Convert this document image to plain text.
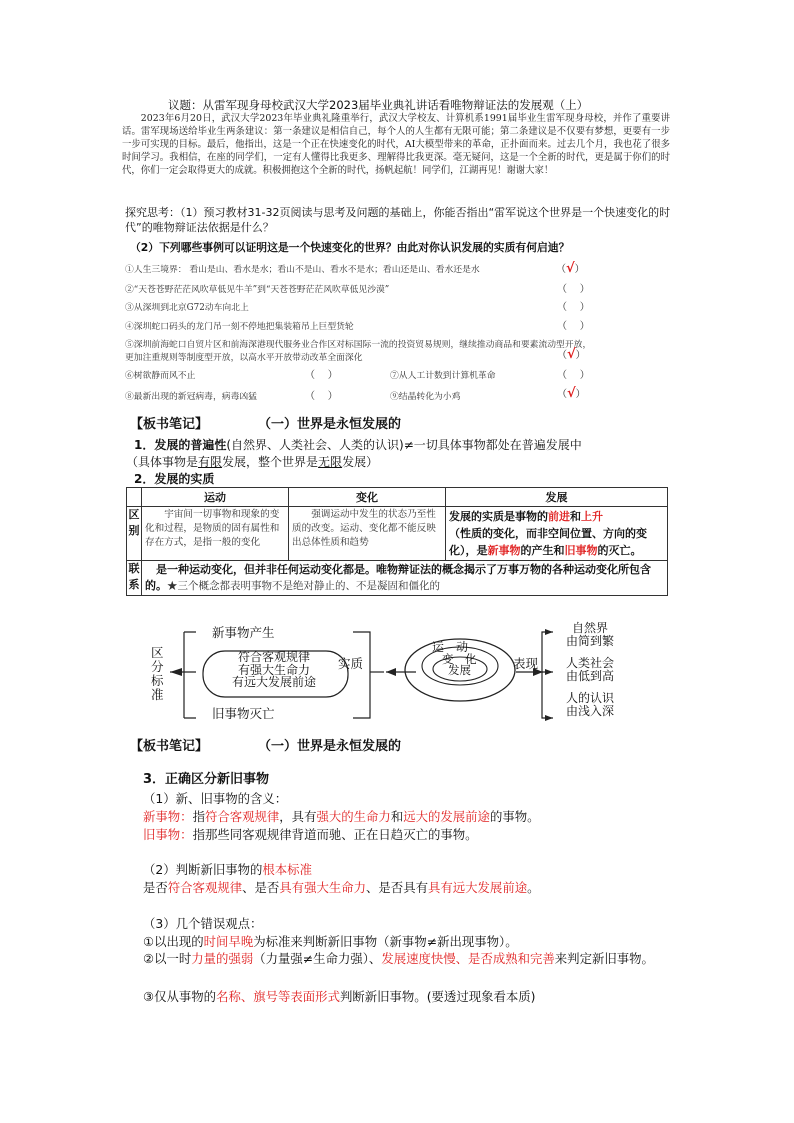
议题：从雷军现身母校武汉大学2023届毕业典礼讲话看唯物辩证法的发展观（上）
2023年6月20日，武汉大学2023年毕业典礼隆重举行，武汉大学校友、计算机系1991届毕业生雷军现身母校，并作了重要讲话。雷军现场送给毕业生两条建议：第一条建议是相信自己，每个人的人生都有无限可能；第二条建议是不仅要有梦想，更要有一步一步可实现的目标。最后，他指出，这是一个正在快速变化的时代，AI大模型带来的革命，正扑面而来。过去几个月，我也花了很多时间学习。我相信，在座的同学们，一定有人懂得比我更多、理解得比我更深。毫无疑问，这是一个全新的时代，更是属于你们的时代，你们一定会取得更大的成就。积极拥抱这个全新的时代，扬帆起航！同学们，江湖再见！谢谢大家！
探究思考：（1）预习教材31-32页阅读与思考及问题的基础上，你能否指出“雷军说这个世界是一个快速变化的时代”的唯物辩证法依据是什么？
（2）下列哪些事例可以证明这是一个快速变化的世界？由此对你认识发展的实质有何启迪？
①人生三境界： 看山是山、看水是水；看山不是山、看水不是水；看山还是山、看水还是水	（√）
②“天苍苍野茫茫风吹草低见牛羊”到“天苍苍野茫茫风吹草低见沙漠”	（ ）
③从深圳到北京G72动车向北上	（ ）
④深圳蛇口码头的龙门吊一刻不停地把集装箱吊上巨型货轮	（ ）
⑤深圳前海蛇口自贸片区和前海深港现代服务业合作区对标国际一流的投资贸易规则，继续推动商品和要素流动型开放，
更加注重规则等制度型开放，以高水平开放带动改革全面深化	（√）
⑥树欲静而风不止	（ ）	⑦从人工计数到计算机革命	（ ）
⑧最新出现的新冠病毒，病毒凶猛	（ ）	⑨结晶转化为小鸡	（√）
【板书笔记】	（一）世界是永恒发展的
1．发展的普遍性(自然界、人类社会、人类的认识)≠一切具体事物都处在普遍发展中
（具体事物是有限发展，整个世界是无限发展）
2．发展的实质
	运动	变化	发展
区别	宇宙间一切事物和现象的变化和过程，是物质的固有属性和存在方式，是指一般的变化	强调运动中发生的状态乃至性质的改变。运动、变化都不能反映出总体性质和趋势	发展的实质是事物的前进和上升
（性质的变化，而非空间位置、方向的变化），是新事物的产生和旧事物的灭亡。
联系	是一种运动变化，但并非任何运动变化都是。唯物辩证法的概念揭示了万事万物的各种运动变化所包含的。★三个概念都表明事物不是绝对静止的、不是凝固和僵化的		
区分标准
新事物产生
符合客观规律
有强大生命力
有远大发展前途
旧事物灭亡
实质
运　动
变　化
发展	表现
自然界
由简到繁
人类社会
由低到高
人的认识
由浅入深
【板书笔记】	（一）世界是永恒发展的
3．正确区分新旧事物
（1）新、旧事物的含义：
新事物：指符合客观规律，具有强大的生命力和远大的发展前途的事物。
旧事物：指那些同客观规律背道而驰、正在日趋灭亡的事物。
（2）判断新旧事物的根本标准
是否符合客观规律、是否具有强大生命力、是否具有具有远大发展前途。
（3）几个错误观点：
①以出现的时间早晚为标准来判断新旧事物（新事物≠新出现事物）。
②以一时力量的强弱（力量强≠生命力强）、发展速度快慢、是否成熟和完善来判定新旧事物。
③仅从事物的名称、旗号等表面形式判断新旧事物。(要透过现象看本质)
